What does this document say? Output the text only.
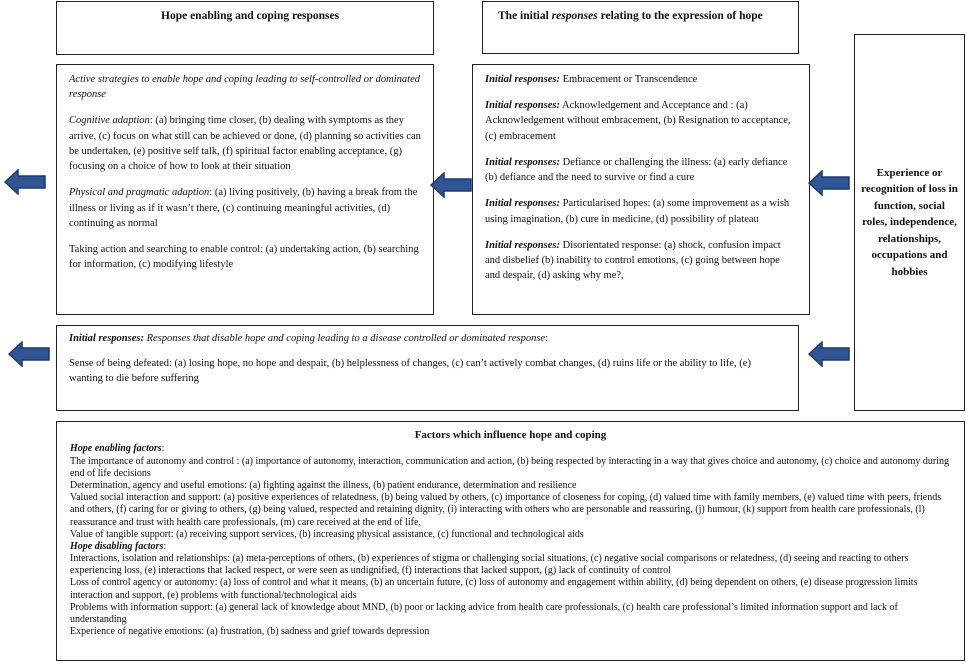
Hope enabling and coping responses	The initial responses relating to the expression of hope

Active strategies to enable hope and coping leading to self-controlled or dominated response

Cognitive adaption: (a) bringing time closer, (b) dealing with symptoms as they arrive, (c) focus on what still can be achieved or done, (d) planning so activities can be undertaken, (e) positive self talk, (f) spiritual factor enabling acceptance, (g) focusing on a choice of how to look at their situation

Physical and pragmatic adaption: (a) living positively, (b) having a break from the illness or living as if it wasn’t there, (c) continuing meaningful activities, (d) continuing as normal

Taking action and searching to enable control: (a) undertaking action, (b) searching for information, (c) modifying lifestyle

Initial responses: Embracement or Transcendence

Initial responses: Acknowledgement and Acceptance and : (a) Acknowledgement without embracement, (b) Resignation to acceptance, (c) embracement

Initial responses: Defiance or challenging the illness: (a) early defiance (b) defiance and the need to survive or find a cure

Initial responses: Particularised hopes: (a) some improvement as a wish using imagination, (b) cure in medicine, (d) possibility of plateau

Initial responses: Disorientated response: (a) shock, confusion impact and disbelief (b) inability to control emotions, (c) going between hope and despair, (d) asking why me?,

Experience or recognition of loss in function, social roles, independence, relationships, occupations and hobbies

Initial responses: Responses that disable hope and coping leading to a disease controlled or dominated response:

Sense of being defeated: (a) losing hope, no hope and despair, (b) helplessness of changes, (c) can’t actively combat changes, (d) ruins life or the ability to life, (e) wanting to die before suffering

Factors which influence hope and coping
Hope enabling factors:
The importance of autonomy and control : (a) importance of autonomy, interaction, communication and action, (b) being respected by interacting in a way that gives choice and autonomy, (c) choice and autonomy during end of life decisions
Determination, agency and useful emotions: (a) fighting against the illness, (b) patient endurance, determination and resilience
Valued social interaction and support: (a) positive experiences of relatedness, (b) being valued by others, (c) importance of closeness for coping, (d) valued time with family members, (e) valued time with peers, friends and others, (f) caring for or giving to others, (g) being valued, respected and retaining dignity, (i) interacting with others who are personable and reassuring, (j) humour, (k) support from health care professionals, (l) reassurance and trust with health care professionals, (m) care received at the end of life,
Value of tangible support: (a) receiving support services, (b) increasing physical assistance, (c) functional and technological aids
Hope disabling factors:
Interactions, isolation and relationships: (a) meta-perceptions of others, (b) experiences of stigma or challenging social situations, (c) negative social comparisons or relatedness, (d) seeing and reacting to others experiencing loss, (e) interactions that lacked respect, or were seen as undignified, (f) interactions that lacked support, (g) lack of continuity of control
Loss of control agency or autonomy: (a) loss of control and what it means, (b) an uncertain future, (c) loss of autonomy and engagement within ability, (d) being dependent on others, (e) disease progression limits interaction and support, (e) problems with functional/technological aids
Problems with information support: (a) general lack of knowledge about MND, (b) poor or lacking advice from health care professionals, (c) health care professional’s limited information support and lack of understanding
Experience of negative emotions: (a) frustration, (b) sadness and grief towards depression
